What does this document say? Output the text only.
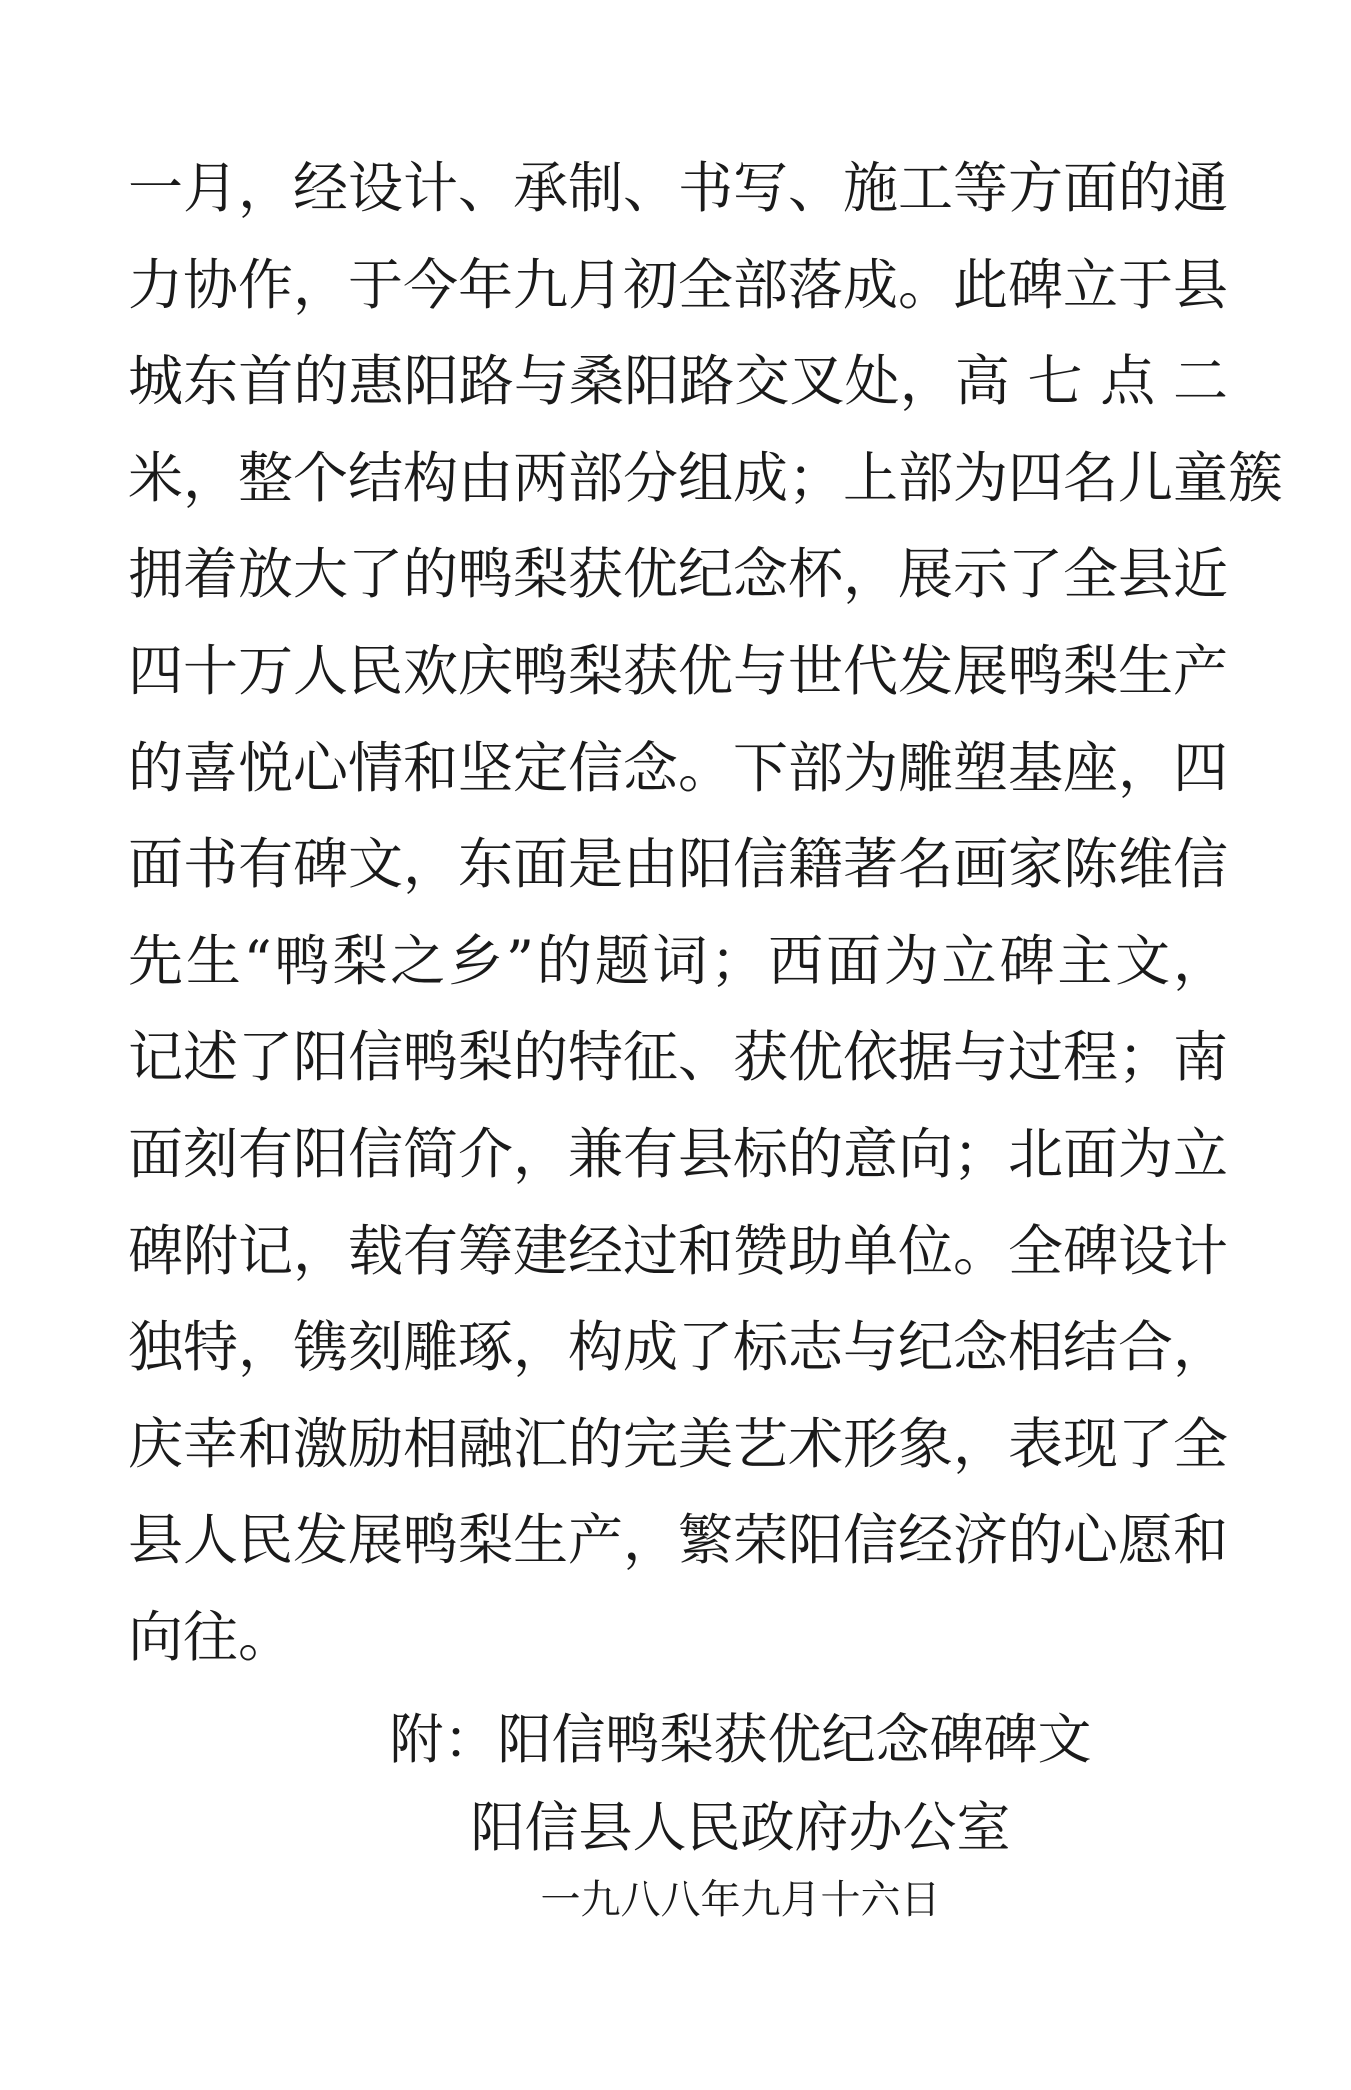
一月，经设计、承制、书写、施工等方面的通
力协作，于今年九月初全部落成。此碑立于县
城东首的惠阳路与桑阳路交叉处，高 七 点 二
米，整个结构由两部分组成；上部为四名儿童簇
拥着放大了的鸭梨获优纪念杯，展示了全县近
四十万人民欢庆鸭梨获优与世代发展鸭梨生产
的喜悦心情和坚定信念。下部为雕塑基座，四
面书有碑文，东面是由阳信籍著名画家陈维信
先生“鸭梨之乡”的题词；西面为立碑主文，
记述了阳信鸭梨的特征、获优依据与过程；南
面刻有阳信简介，兼有县标的意向；北面为立
碑附记，载有筹建经过和赞助单位。全碑设计
独特，镌刻雕琢，构成了标志与纪念相结合，
庆幸和激励相融汇的完美艺术形象，表现了全
县人民发展鸭梨生产，繁荣阳信经济的心愿和
向往。
附：阳信鸭梨获优纪念碑碑文
阳信县人民政府办公室
一九八八年九月十六日
